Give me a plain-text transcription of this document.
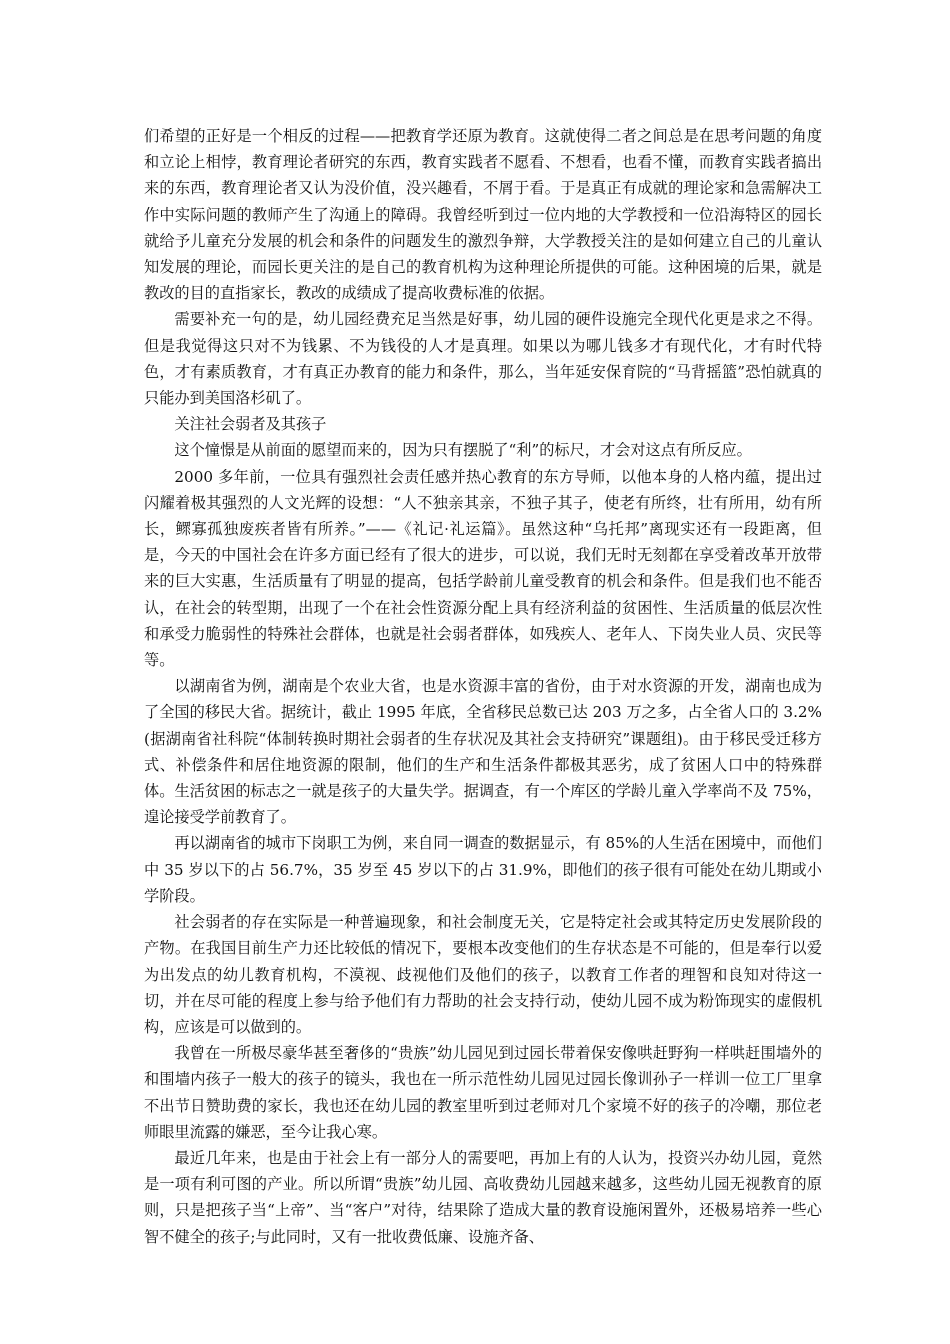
们希望的正好是一个相反的过程——把教育学还原为教育。这就使得二者之间总是在思考问题的角度和立论上相悖，教育理论者研究的东西，教育实践者不愿看、不想看，也看不懂，而教育实践者搞出来的东西，教育理论者又认为没价值，没兴趣看，不屑于看。于是真正有成就的理论家和急需解决工作中实际问题的教师产生了沟通上的障碍。我曾经听到过一位内地的大学教授和一位沿海特区的园长就给予儿童充分发展的机会和条件的问题发生的激烈争辩，大学教授关注的是如何建立自己的儿童认知发展的理论，而园长更关注的是自己的教育机构为这种理论所提供的可能。这种困境的后果，就是教改的目的直指家长，教改的成绩成了提高收费标准的依据。

需要补充一句的是，幼儿园经费充足当然是好事，幼儿园的硬件设施完全现代化更是求之不得。但是我觉得这只对不为钱累、不为钱役的人才是真理。如果以为哪儿钱多才有现代化，才有时代特色，才有素质教育，才有真正办教育的能力和条件，那么，当年延安保育院的“马背摇篮”恐怕就真的只能办到美国洛杉矶了。

关注社会弱者及其孩子

这个憧憬是从前面的愿望而来的，因为只有摆脱了“利”的标尺，才会对这点有所反应。

2000 多年前，一位具有强烈社会责任感并热心教育的东方导师，以他本身的人格内蕴，提出过闪耀着极其强烈的人文光辉的设想：“人不独亲其亲，不独子其子，使老有所终，壮有所用，幼有所长，鳏寡孤独废疾者皆有所养。”——《礼记·礼运篇》。虽然这种“乌托邦”离现实还有一段距离，但是，今天的中国社会在许多方面已经有了很大的进步，可以说，我们无时无刻都在享受着改革开放带来的巨大实惠，生活质量有了明显的提高，包括学龄前儿童受教育的机会和条件。但是我们也不能否认，在社会的转型期，出现了一个在社会性资源分配上具有经济利益的贫困性、生活质量的低层次性和承受力脆弱性的特殊社会群体，也就是社会弱者群体，如残疾人、老年人、下岗失业人员、灾民等等。

以湖南省为例，湖南是个农业大省，也是水资源丰富的省份，由于对水资源的开发，湖南也成为了全国的移民大省。据统计，截止 1995 年底，全省移民总数已达 203 万之多，占全省人口的 3.2%(据湖南省社科院“体制转换时期社会弱者的生存状况及其社会支持研究”课题组)。由于移民受迁移方式、补偿条件和居住地资源的限制，他们的生产和生活条件都极其恶劣，成了贫困人口中的特殊群体。生活贫困的标志之一就是孩子的大量失学。据调查，有一个库区的学龄儿童入学率尚不及 75%，遑论接受学前教育了。

再以湖南省的城市下岗职工为例，来自同一调查的数据显示，有 85%的人生活在困境中，而他们中 35 岁以下的占 56.7%，35 岁至 45 岁以下的占 31.9%，即他们的孩子很有可能处在幼儿期或小学阶段。

社会弱者的存在实际是一种普遍现象，和社会制度无关，它是特定社会或其特定历史发展阶段的产物。在我国目前生产力还比较低的情况下，要根本改变他们的生存状态是不可能的，但是奉行以爱为出发点的幼儿教育机构，不漠视、歧视他们及他们的孩子，以教育工作者的理智和良知对待这一切，并在尽可能的程度上参与给予他们有力帮助的社会支持行动，使幼儿园不成为粉饰现实的虚假机构，应该是可以做到的。

我曾在一所极尽豪华甚至奢侈的“贵族”幼儿园见到过园长带着保安像哄赶野狗一样哄赶围墙外的和围墙内孩子一般大的孩子的镜头，我也在一所示范性幼儿园见过园长像训孙子一样训一位工厂里拿不出节日赞助费的家长，我也还在幼儿园的教室里听到过老师对几个家境不好的孩子的冷嘲，那位老师眼里流露的嫌恶，至今让我心寒。

最近几年来，也是由于社会上有一部分人的需要吧，再加上有的人认为，投资兴办幼儿园，竟然是一项有利可图的产业。所以所谓“贵族”幼儿园、高收费幼儿园越来越多，这些幼儿园无视教育的原则，只是把孩子当“上帝”、当“客户”对待，结果除了造成大量的教育设施闲置外，还极易培养一些心智不健全的孩子;与此同时，又有一批收费低廉、设施齐备、
